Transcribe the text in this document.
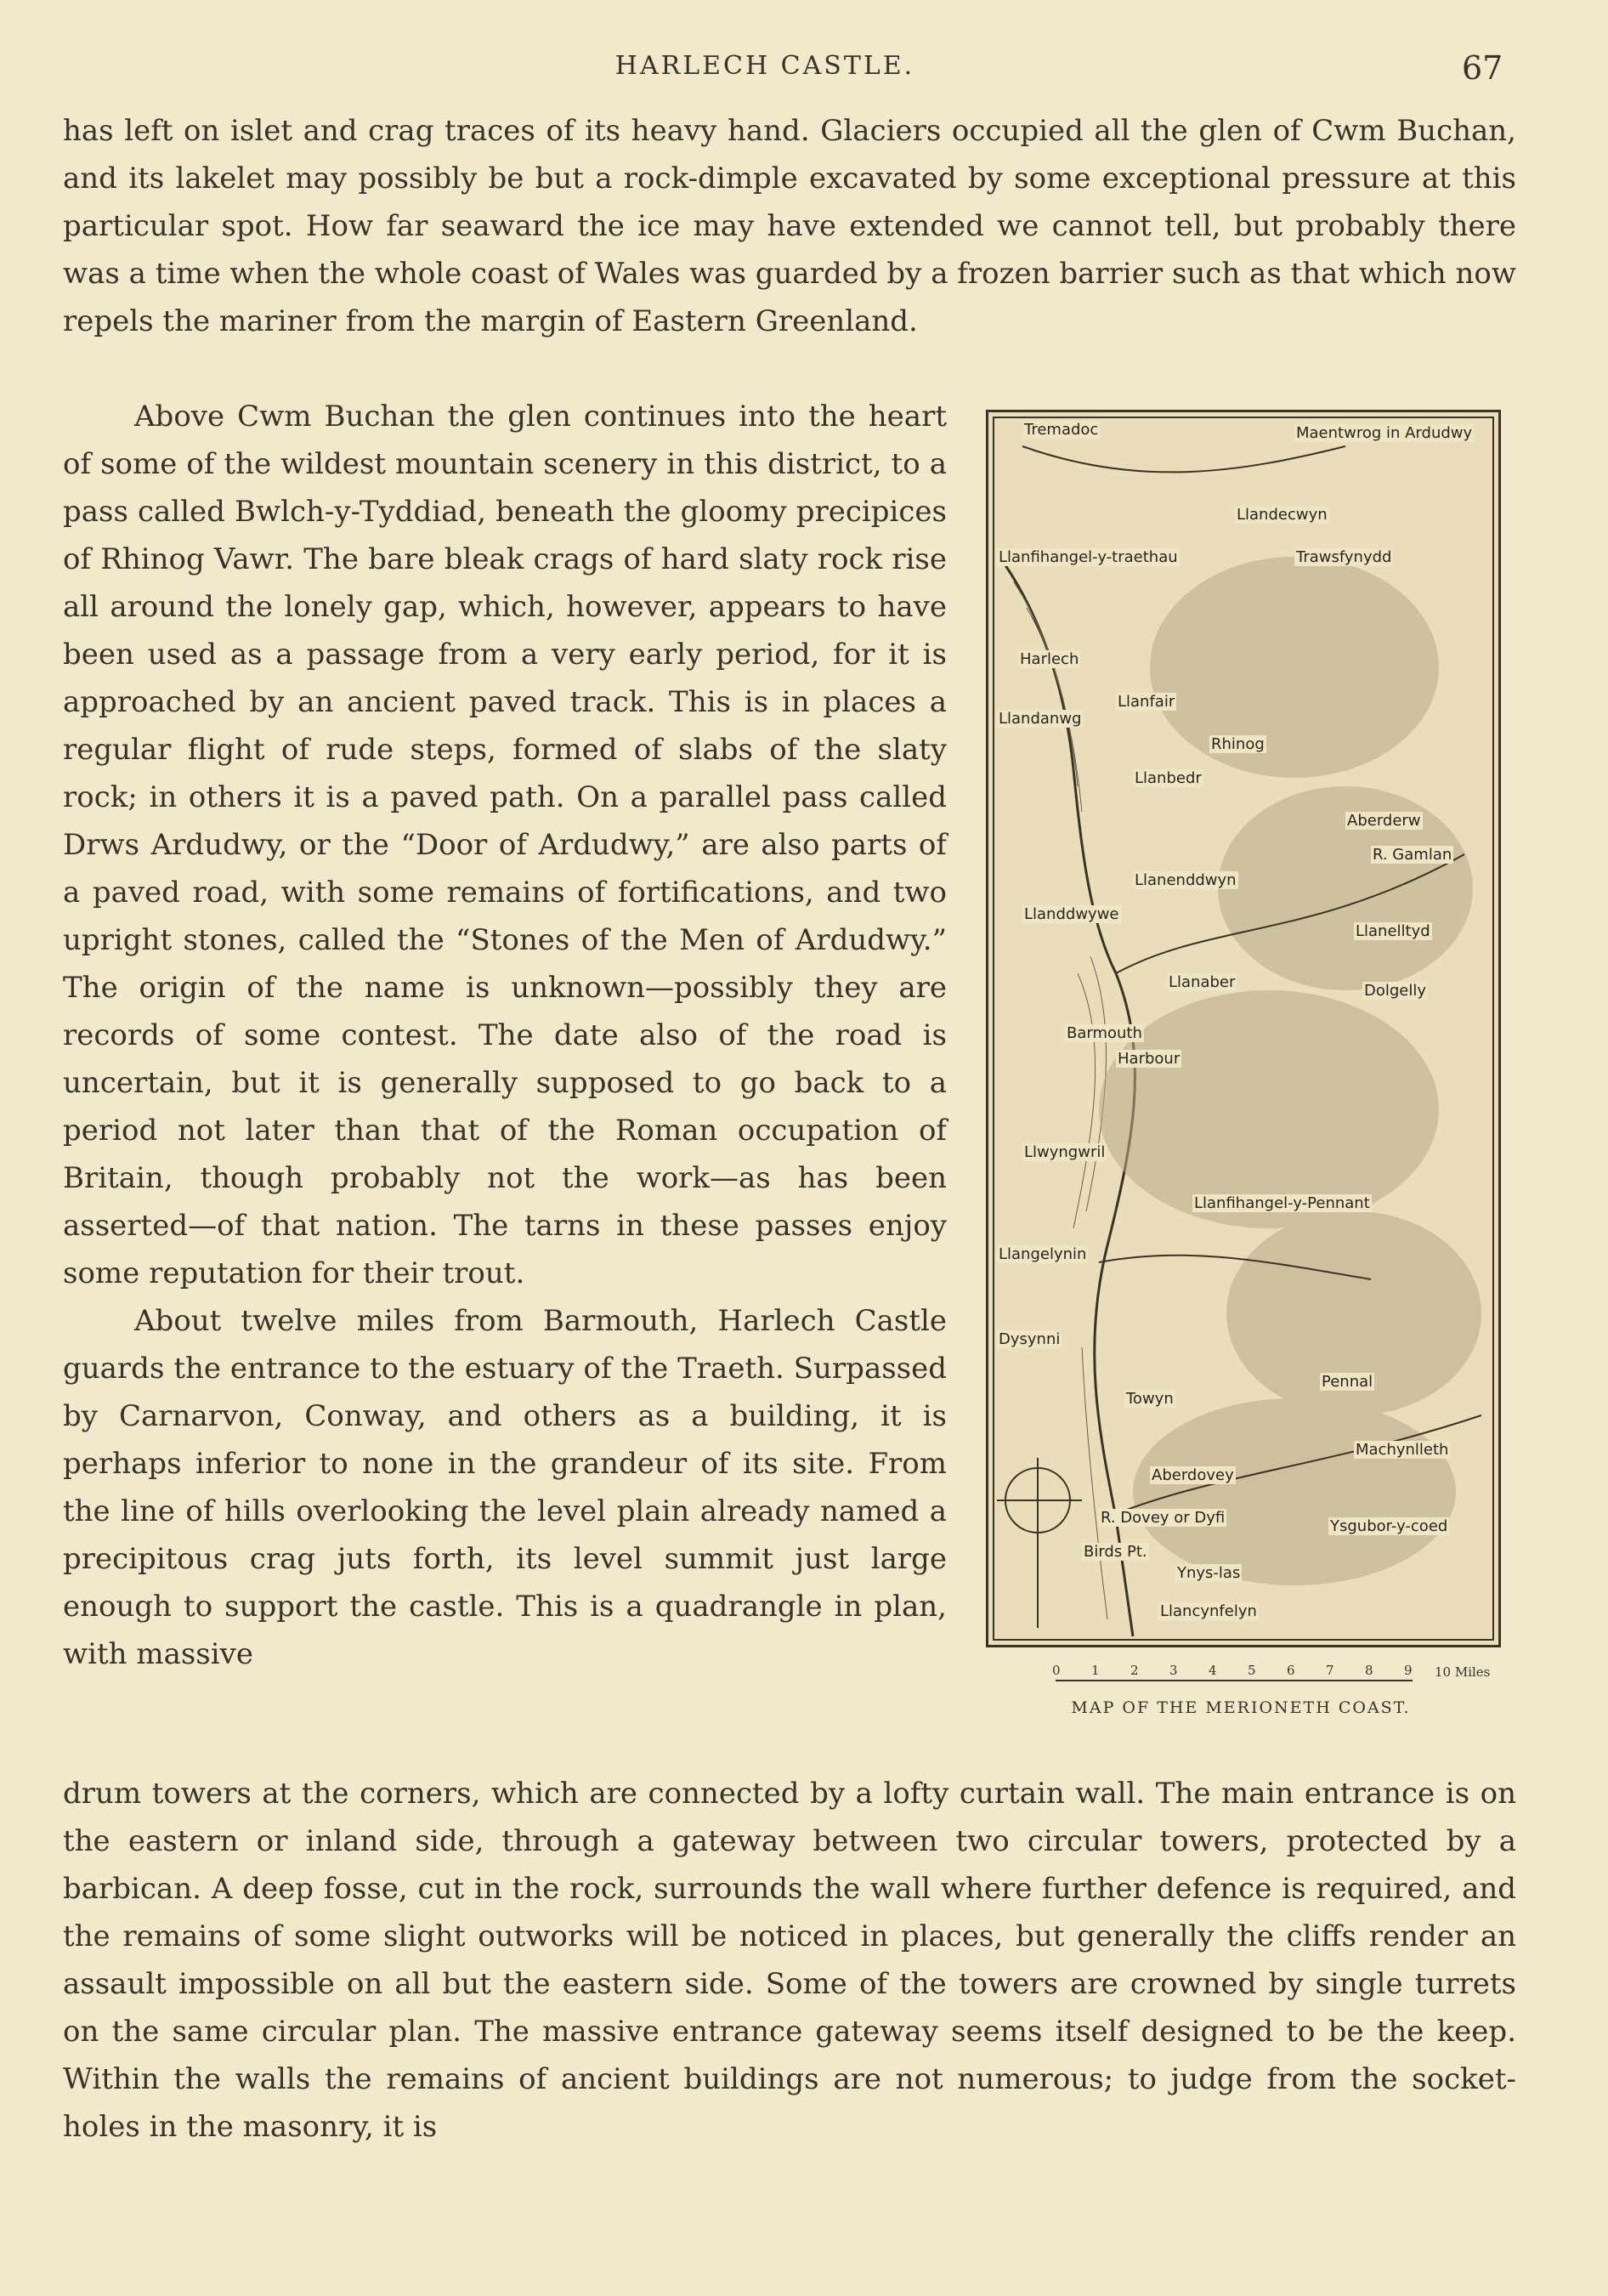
HARLECH CASTLE.	67

has left on islet and crag traces of its heavy hand. Glaciers occupied all the glen of Cwm Buchan, and its lakelet may possibly be but a rock-dimple excavated by some exceptional pressure at this particular spot. How far seaward the ice may have extended we cannot tell, but probably there was a time when the whole coast of Wales was guarded by a frozen barrier such as that which now repels the mariner from the margin of Eastern Greenland.

Above Cwm Buchan the glen continues into the heart of some of the wildest mountain scenery in this district, to a pass called Bwlch-y-Tyddiad, beneath the gloomy precipices of Rhinog Vawr. The bare bleak crags of hard slaty rock rise all around the lonely gap, which, however, appears to have been used as a passage from a very early period, for it is approached by an ancient paved track. This is in places a regular flight of rude steps, formed of slabs of the slaty rock; in others it is a paved path. On a parallel pass called Drws Ardudwy, or the “Door of Ardudwy,” are also parts of a paved road, with some remains of fortifications, and two upright stones, called the “Stones of the Men of Ardudwy.” The origin of the name is unknown—possibly they are records of some contest. The date also of the road is uncertain, but it is generally supposed to go back to a period not later than that of the Roman occupation of Britain, though probably not the work—as has been asserted—of that nation. The tarns in these passes enjoy some reputation for their trout.

About twelve miles from Barmouth, Harlech Castle guards the entrance to the estuary of the Traeth. Surpassed by Carnarvon, Conway, and others as a building, it is perhaps inferior to none in the grandeur of its site. From the line of hills overlooking the level plain already named a precipitous crag juts forth, its level summit just large enough to support the castle. This is a quadrangle in plan, with massive

drum towers at the corners, which are connected by a lofty curtain wall. The main entrance is on the eastern or inland side, through a gateway between two circular towers, protected by a barbican. A deep fosse, cut in the rock, surrounds the wall where further defence is required, and the remains of some slight outworks will be noticed in places, but generally the cliffs render an assault impossible on all but the eastern side. Some of the towers are crowned by single turrets on the same circular plan. The massive entrance gateway seems itself designed to be the keep. Within the walls the remains of ancient buildings are not numerous; to judge from the socket-holes in the masonry, it is

Tremadoc	Maentwrog in Ardudwy
Llandecwyn
Llanfihangel-y-traethau	Trawsfynydd
Harlech
Llanfair
Llandanwg
Rhinog
Llanbedr
Aberderw
R. Gamlan
Llanenddwyn
Llanddwywe
Llanelltyd
Llanaber	Dolgelly
Barmouth
Harbour
Llwyngwril
Llanfihangel-y-Pennant
Llangelynin
Dysynni
Pennal
Towyn
Aberdovey
R. Dovey or Dyfi
Machynlleth
Ysgubor-y-coed
Birds Pt.
Ynys-las
Llancynfelyn
0 1 2 3 4 5 6 7 8 9 10 Miles
MAP OF THE MERIONETH COAST.
